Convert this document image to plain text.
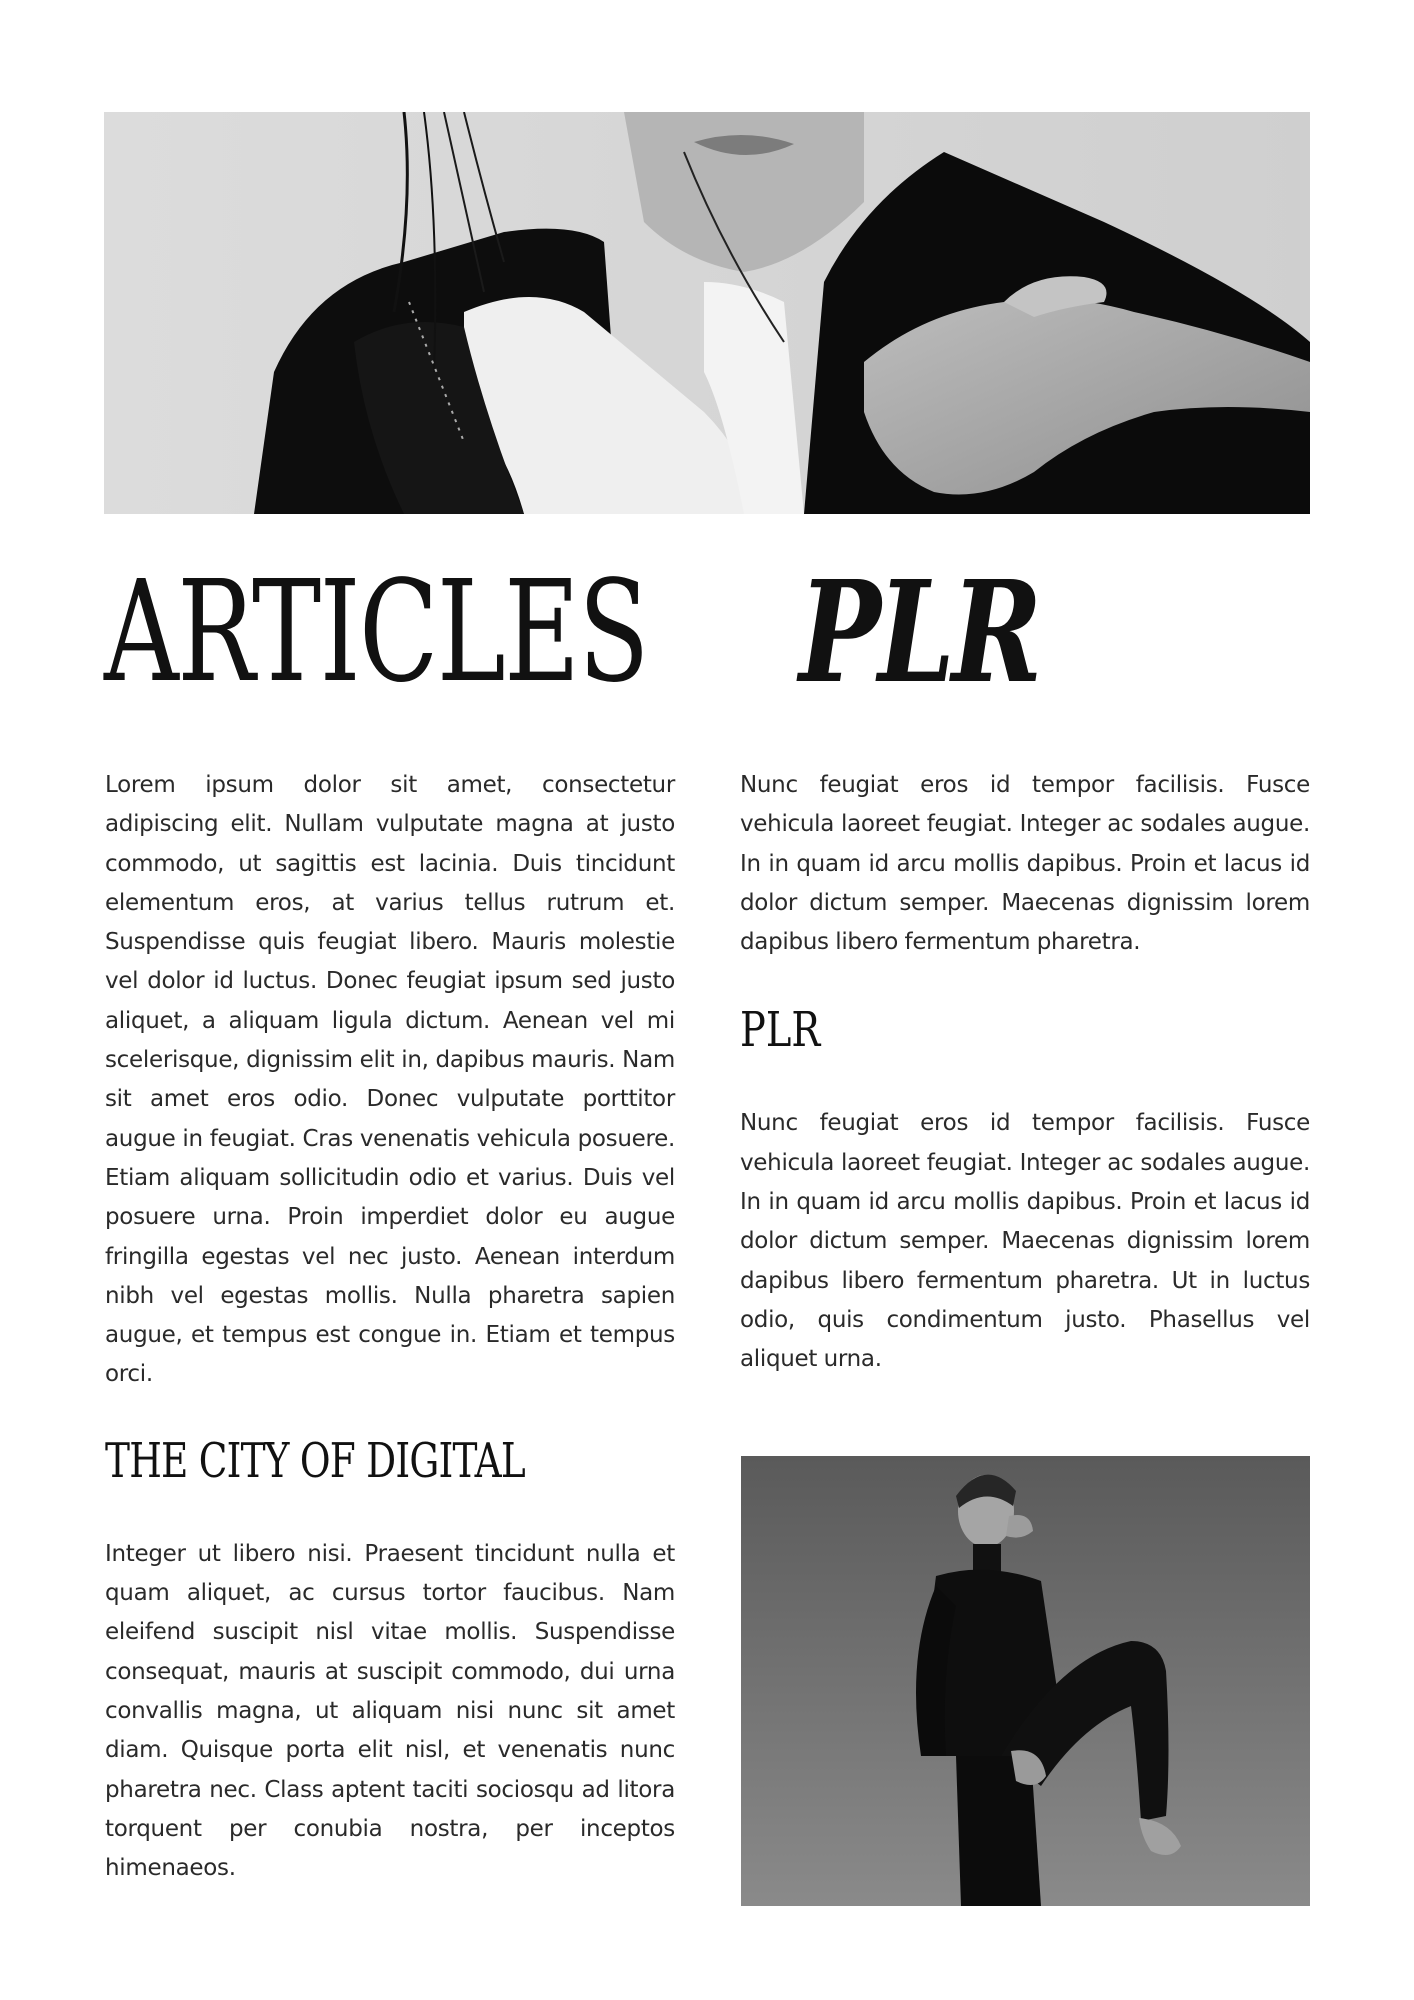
ARTICLES PLR

Lorem ipsum dolor sit amet, consectetur adipiscing elit. Nullam vulputate magna at justo commodo, ut sagittis est lacinia. Duis tincidunt elementum eros, at varius tellus rutrum et. Suspendisse quis feugiat libero. Mauris molestie vel dolor id luctus. Donec feugiat ipsum sed justo aliquet, a aliquam ligula dictum. Aenean vel mi scelerisque, dignissim elit in, dapibus mauris. Nam sit amet eros odio. Donec vulputate porttitor augue in feugiat. Cras venenatis vehicula posuere. Etiam aliquam sollicitudin odio et varius. Duis vel posuere urna. Proin imperdiet dolor eu augue fringilla egestas vel nec justo. Aenean interdum nibh vel egestas mollis. Nulla pharetra sapien augue, et tempus est congue in. Etiam et tempus orci.

THE CITY OF DIGITAL

Integer ut libero nisi. Praesent tincidunt nulla et quam aliquet, ac cursus tortor faucibus. Nam eleifend suscipit nisl vitae mollis. Suspendisse consequat, mauris at suscipit commodo, dui urna convallis magna, ut aliquam nisi nunc sit amet diam. Quisque porta elit nisl, et venenatis nunc pharetra nec. Class aptent taciti sociosqu ad litora torquent per conubia nostra, per inceptos himenaeos.

Nunc feugiat eros id tempor facilisis. Fusce vehicula laoreet feugiat. Integer ac sodales augue. In in quam id arcu mollis dapibus. Proin et lacus id dolor dictum semper. Maecenas dignissim lorem dapibus libero fermentum pharetra.

PLR

Nunc feugiat eros id tempor facilisis. Fusce vehicula laoreet feugiat. Integer ac sodales augue. In in quam id arcu mollis dapibus. Proin et lacus id dolor dictum semper. Maecenas dignissim lorem dapibus libero fermentum pharetra. Ut in luctus odio, quis condimentum justo. Phasellus vel aliquet urna.
